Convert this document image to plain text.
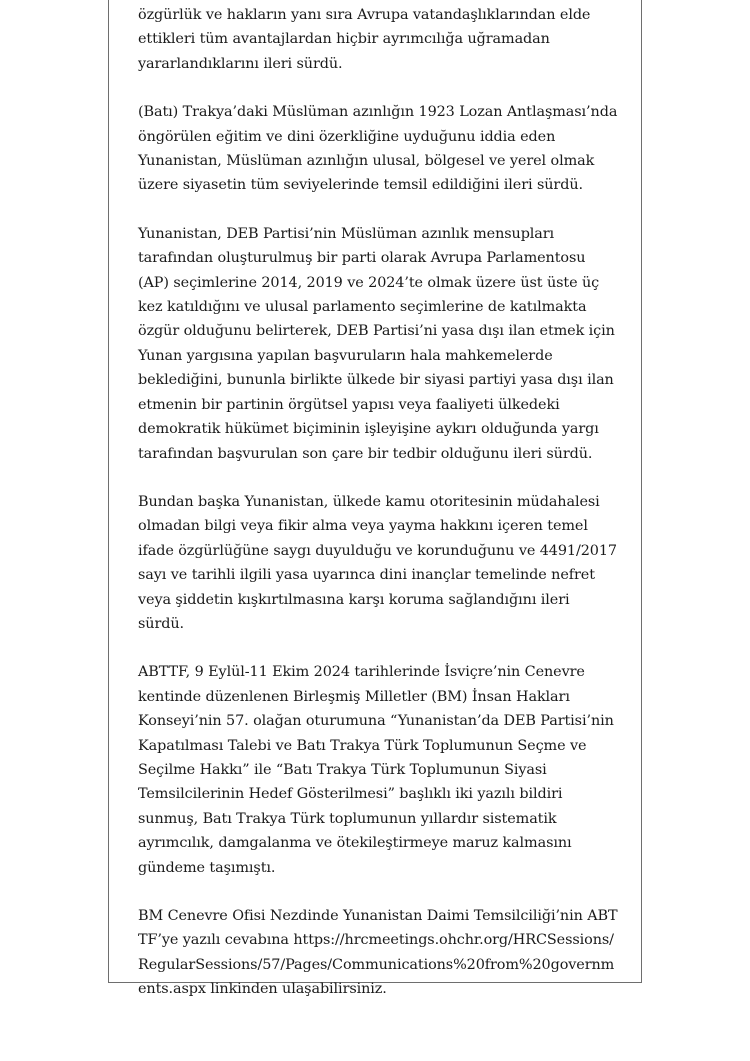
özgürlük ve hakların yanı sıra Avrupa vatandaşlıklarından elde ettikleri tüm avantajlardan hiçbir ayrımcılığa uğramadan yararlandıklarını ileri sürdü.

(Batı) Trakya’daki Müslüman azınlığın 1923 Lozan Antlaşması’nda öngörülen eğitim ve dini özerkliğine uyduğunu iddia eden Yunanistan, Müslüman azınlığın ulusal, bölgesel ve yerel olmak üzere siyasetin tüm seviyelerinde temsil edildiğini ileri sürdü.

Yunanistan, DEB Partisi’nin Müslüman azınlık mensupları tarafından oluşturulmuş bir parti olarak Avrupa Parlamentosu (AP) seçimlerine 2014, 2019 ve 2024’te olmak üzere üst üste üç kez katıldığını ve ulusal parlamento seçimlerine de katılmakta özgür olduğunu belirterek, DEB Partisi’ni yasa dışı ilan etmek için Yunan yargısına yapılan başvuruların hala mahkemelerde beklediğini, bununla birlikte ülkede bir siyasi partiyi yasa dışı ilan etmenin bir partinin örgütsel yapısı veya faaliyeti ülkedeki demokratik hükümet biçiminin işleyişine aykırı olduğunda yargı tarafından başvurulan son çare bir tedbir olduğunu ileri sürdü.

Bundan başka Yunanistan, ülkede kamu otoritesinin müdahalesi olmadan bilgi veya fikir alma veya yayma hakkını içeren temel ifade özgürlüğüne saygı duyulduğu ve korunduğunu ve 4491/2017 sayı ve tarihli ilgili yasa uyarınca dini inançlar temelinde nefret veya şiddetin kışkırtılmasına karşı koruma sağlandığını ileri sürdü.

ABTTF, 9 Eylül-11 Ekim 2024 tarihlerinde İsviçre’nin Cenevre kentinde düzenlenen Birleşmiş Milletler (BM) İnsan Hakları Konseyi’nin 57. olağan oturumuna “Yunanistan’da DEB Partisi’nin Kapatılması Talebi ve Batı Trakya Türk Toplumunun Seçme ve Seçilme Hakkı” ile “Batı Trakya Türk Toplumunun Siyasi Temsilcilerinin Hedef Gösterilmesi” başlıklı iki yazılı bildiri sunmuş, Batı Trakya Türk toplumunun yıllardır sistematik ayrımcılık, damgalanma ve ötekileştirmeye maruz kalmasını gündeme taşımıştı.

BM Cenevre Ofisi Nezdinde Yunanistan Daimi Temsilciliği’nin ABTTF’ye yazılı cevabına https://hrcmeetings.ohchr.org/HRCSessions/RegularSessions/57/Pages/Communications%20from%20governments.aspx linkinden ulaşabilirsiniz.
